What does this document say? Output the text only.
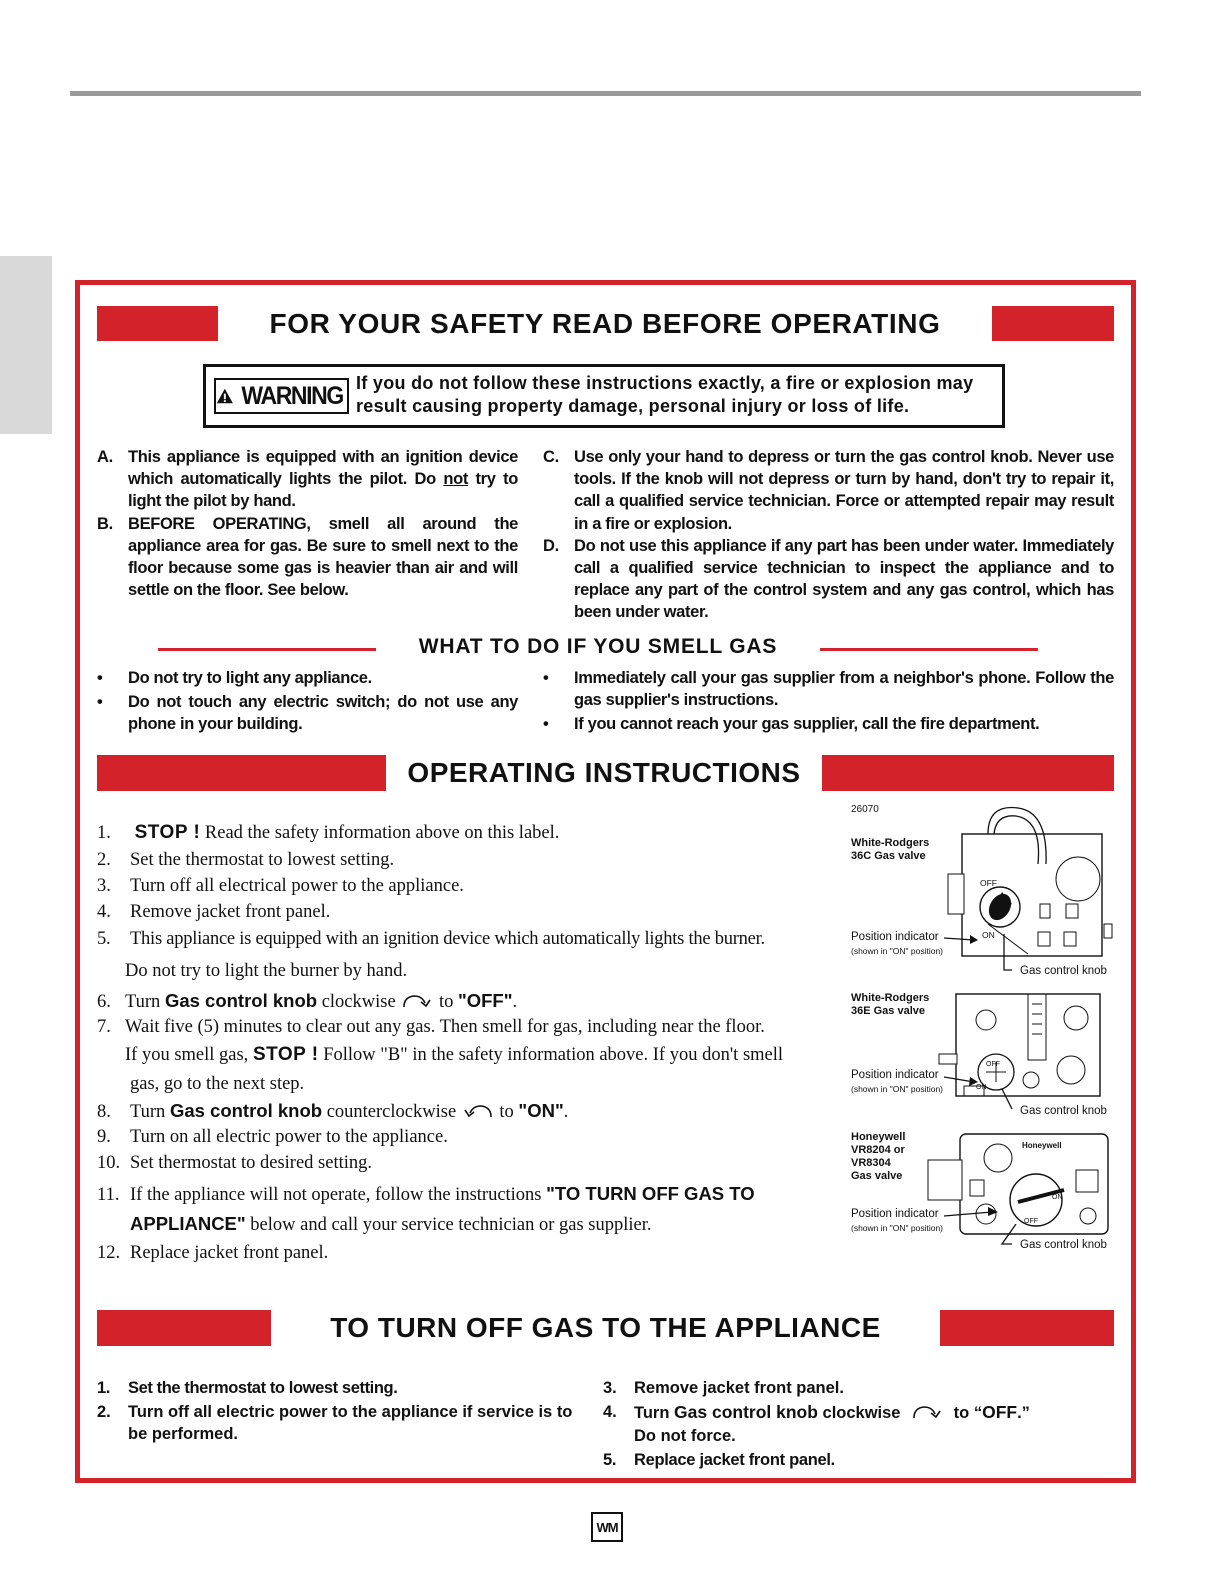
FOR YOUR SAFETY READ BEFORE OPERATING
WARNING If you do not follow these instructions exactly, a fire or explosion may result causing property damage, personal injury or loss of life.
A. This appliance is equipped with an ignition device which automatically lights the pilot. Do not try to light the pilot by hand.
B. BEFORE OPERATING, smell all around the appliance area for gas. Be sure to smell next to the floor because some gas is heavier than air and will settle on the floor. See below.
C. Use only your hand to depress or turn the gas control knob. Never use tools. If the knob will not depress or turn by hand, don't try to repair it, call a qualified service technician. Force or attempted repair may result in a fire or explosion.
D. Do not use this appliance if any part has been under water. Immediately call a qualified service technician to inspect the appliance and to replace any part of the control system and any gas control, which has been under water.
WHAT TO DO IF YOU SMELL GAS
• Do not try to light any appliance.
• Do not touch any electric switch; do not use any phone in your building.
• Immediately call your gas supplier from a neighbor's phone. Follow the gas supplier's instructions.
• If you cannot reach your gas supplier, call the fire department.
OPERATING INSTRUCTIONS
1. STOP ! Read the safety information above on this label.
2. Set the thermostat to lowest setting.
3. Turn off all electrical power to the appliance.
4. Remove jacket front panel.
5. This appliance is equipped with an ignition device which automatically lights the burner.
Do not try to light the burner by hand.
6. Turn Gas control knob clockwise  to "OFF".
7. Wait five (5) minutes to clear out any gas. Then smell for gas, including near the floor.
If you smell gas, STOP ! Follow "B" in the safety information above. If you don't smell
gas, go to the next step.
8. Turn Gas control knob counterclockwise  to "ON".
9. Turn on all electric power to the appliance.
10. Set thermostat to desired setting.
11. If the appliance will not operate, follow the instructions "TO TURN OFF GAS TO
APPLIANCE" below and call your service technician or gas supplier.
12. Replace jacket front panel.
26070
White-Rodgers
36C Gas valve
OFF
ON
Position indicator
(shown in "ON" position)
Gas control knob
White-Rodgers
36E Gas valve
OFF
ON
Position indicator
(shown in "ON" position)
Gas control knob
Honeywell
VR8204 or
VR8304
Gas valve
Honeywell
ON
OFF
Position indicator
(shown in "ON" position)
Gas control knob
TO TURN OFF GAS TO THE APPLIANCE
1. Set the thermostat to lowest setting.
2. Turn off all electric power to the appliance if service is to be performed.
3. Remove jacket front panel.
4. Turn Gas control knob clockwise	to “OFF.”
Do not force.
5. Replace jacket front panel.
WM
